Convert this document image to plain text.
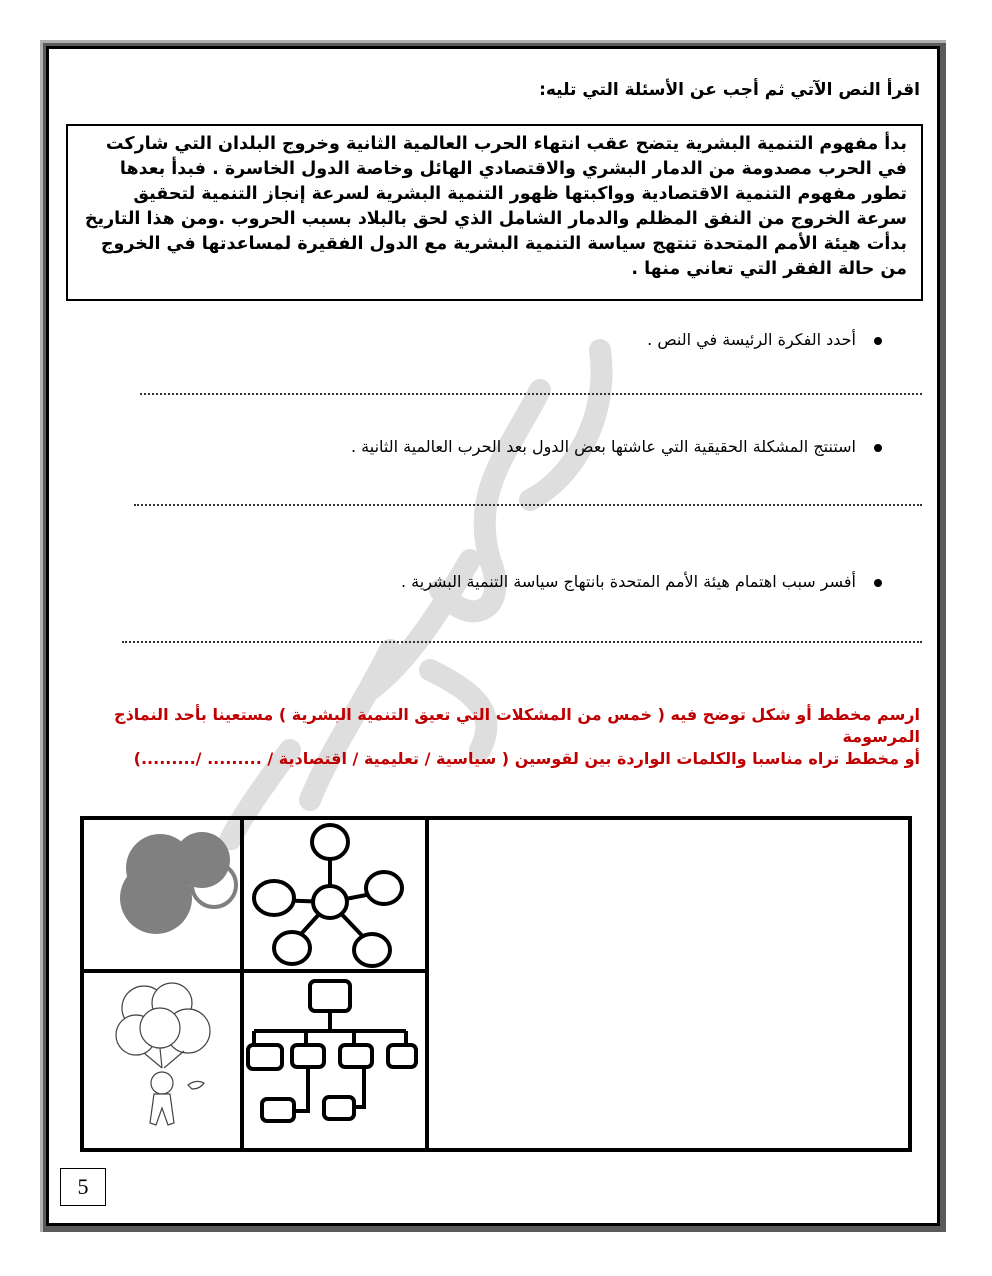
اقرأ النص الآتي ثم أجب عن الأسئلة التي تليه:

بدأ مفهوم التنمية البشرية يتضح عقب انتهاء الحرب العالمية الثانية وخروج البلدان التي شاركت في الحرب مصدومة من الدمار البشري والاقتصادي الهائل وخاصة الدول الخاسرة . فبدأ بعدها تطور مفهوم التنمية الاقتصادية وواكبتها ظهور التنمية البشرية لسرعة إنجاز التنمية لتحقيق سرعة الخروج من النفق المظلم والدمار الشامل الذي لحق بالبلاد بسبب الحروب .ومن هذا التاريخ بدأت هيئة الأمم المتحدة تنتهج سياسة التنمية البشرية مع الدول الفقيرة لمساعدتها في الخروج من حالة الفقر التي تعاني منها .

أحدد الفكرة الرئيسة في النص .
استنتج المشكلة الحقيقية التي عاشتها بعض الدول بعد الحرب العالمية الثانية .
أفسر سبب اهتمام هيئة الأمم المتحدة بانتهاج سياسة التنمية البشرية .
ارسم مخطط أو شكل توضح فيه ( خمس من المشكلات التي تعيق التنمية البشرية ) مستعينا بأحد النماذج المرسومة
أو مخطط تراه مناسبا والكلمات الواردة بين لقوسين ( سياسية / تعليمية / اقتصادية / ......... /.........)
5
